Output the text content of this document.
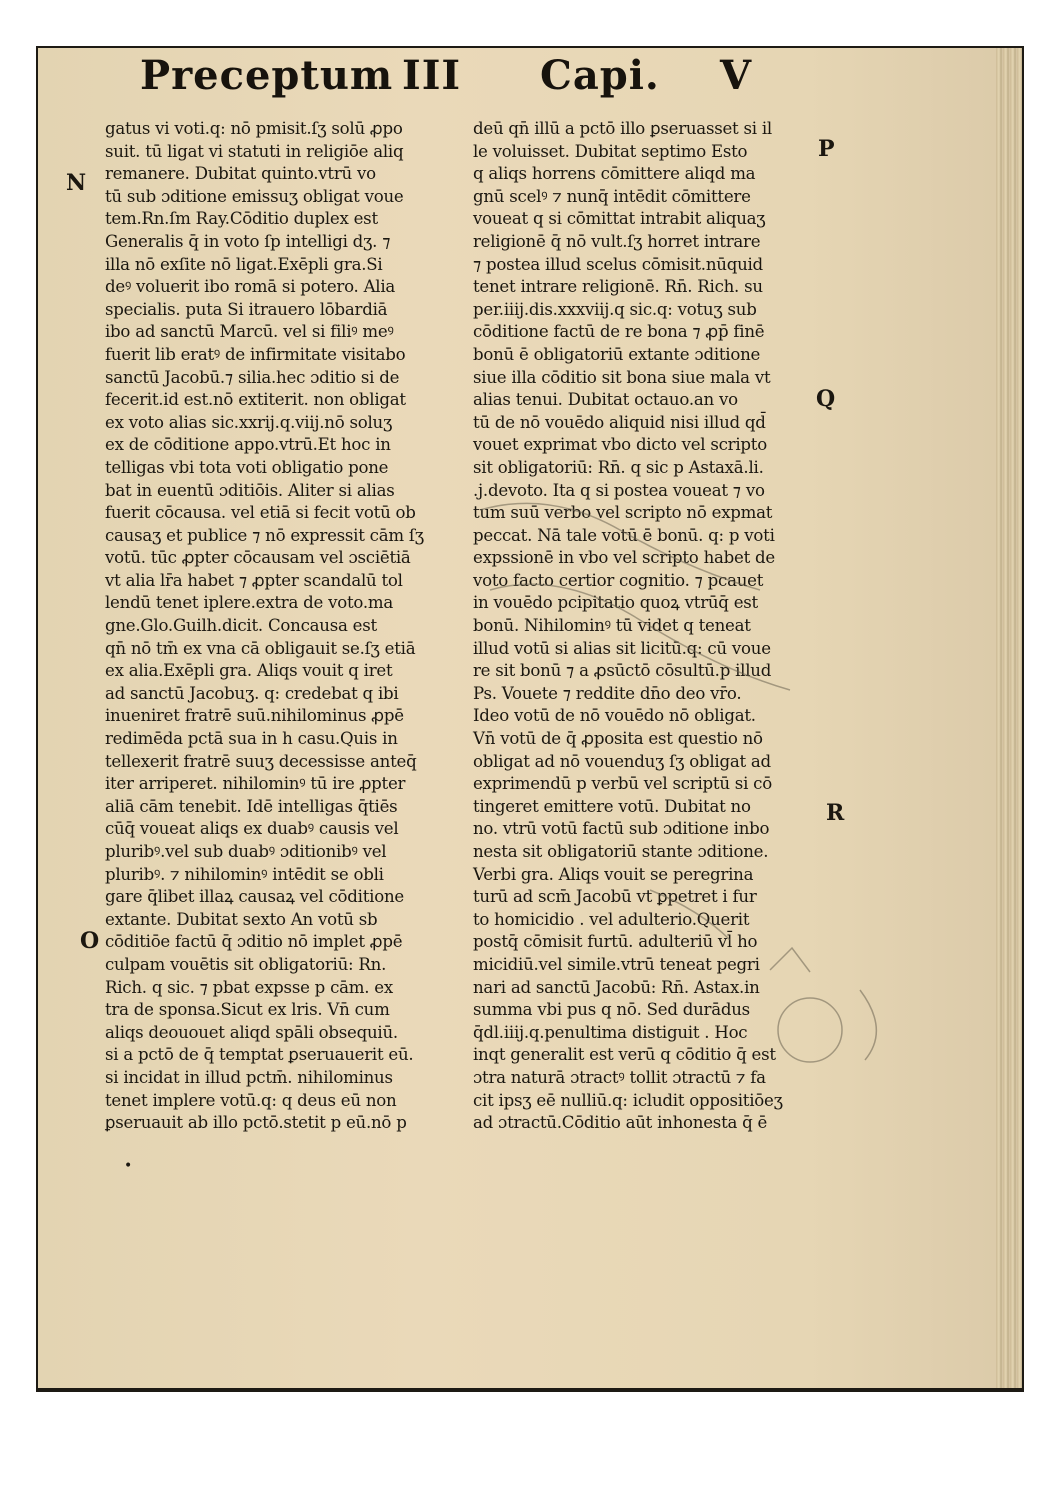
Preceptum III Capi. V
N
O
P
Q
R
gatus vi voti.q: nō pmisit.ſʒ solū ꝓpo
suit. tū ligat vi statuti in religiōe aliq
remanere. Dubitat quinto.vtrū vo
tū sub ɔditione emissuʒ obligat voue
tem.Rn.ſm Ray.Cōditio duplex est
Generalis q̄ in voto ſp intelligi dʒ. ⁊
illa nō exſite nō ligat.Exēpli gra.Si
deꝰ voluerit ibo romā si potero. Alia
specialis. puta Si itrauero lōbardiā
ibo ad sanctū Marcū. vel si filiꝰ meꝰ
fuerit lib eratꝰ de infirmitate visitabo
sanctū Jacobū.⁊ silia.hec ɔditio si de
fecerit.id est.nō extiterit. non obligat
ex voto alias sic.xxrij.q.viij.nō soluʒ
ex de cōditione appo.vtrū.Et hoc in
telligas vbi tota voti obligatio pone
bat in euentū ɔditiōis. Aliter si alias
fuerit cōcausa. vel etiā si fecit votū ob
causaʒ et publice ⁊ nō expressit cām ſʒ
votū. tūc ꝓpter cōcausam vel ɔsciētiā
vt alia lr̄a habet ⁊ ꝓpter scandalū tol
lendū tenet iplere.extra de voto.ma
gne.Glo.Guilh.dicit. Concausa est
qn̄ nō tm̄ ex vna cā obligauit se.ſʒ etiā
ex alia.Exēpli gra. Aliqs vouit q iret
ad sanctū Jacobuʒ. q: credebat q ibi
inueniret fratrē suū.nihilominus ꝓpē
redimēda pctā sua in h casu.Quis in
tellexerit fratrē suuʒ decessisse anteq̄
iter arriperet. nihilominꝰ tū ire ꝓpter
aliā cām tenebit. Idē intelligas q̄tiēs
cūq̄ voueat aliqs ex duabꝰ causis vel
pluribꝰ.vel sub duabꝰ ɔditionibꝰ vel
pluribꝰ. ⁊ nihilominꝰ intēdit se obli
gare q̄libet illaꝝ causaꝝ vel cōditione
extante. Dubitat sexto An votū sb
cōditiōe factū q̄ ɔditio nō implet ꝓpē
culpam vouētis sit obligatoriū: Rn.
Rich. q sic. ⁊ pbat expsse p cām. ex
tra de sponsa.Sicut ex lris. Vn̄ cum
aliqs deououet aliqd spāli obsequiū.
si a pctō de q̄ temptat ꝑseruauerit eū.
si incidat in illud pctm̄. nihilominus
tenet implere votū.q: q deus eū non
ꝑseruauit ab illo pctō.stetit p eū.nō p
deū qn̄ illū a pctō illo ꝑseruasset si il
le voluisset. Dubitat septimo Esto
q aliqs horrens cōmittere aliqd ma
gnū scelꝰ ⁊ nunq̄ intēdit cōmittere
voueat q si cōmittat intrabit aliquaʒ
religionē q̄ nō vult.ſʒ horret intrare
⁊ postea illud scelus cōmisit.nūquid
tenet intrare religionē. Rn̄. Rich. su
per.iiij.dis.xxxviij.q sic.q: votuʒ sub
cōditione factū de re bona ⁊ ꝓp̄ finē
bonū ē obligatoriū extante ɔditione
siue illa cōditio sit bona siue mala vt
alias tenui. Dubitat octauo.an vo
tū de nō vouēdo aliquid nisi illud qd̄
vouet exprimat vbo dicto vel scripto
sit obligatoriū: Rn̄. q sic p Astaxā.li.
.j.devoto. Ita q si postea voueat ⁊ vo
tum suū verbo vel scripto nō expmat
peccat. Nā tale votū ē bonū. q: p voti
expssionē in vbo vel scripto habet de
voto facto certior cognitio. ⁊ pcauet
in vouēdo pcipitatio quoꝝ vtrūq̄ est
bonū. Nihilominꝰ tū videt q teneat
illud votū si alias sit licitū.q: cū voue
re sit bonū ⁊ a ꝓsūctō cōsultū.p illud
Ps. Vouete ⁊ reddite dn̄o deo vr̄o.
Ideo votū de nō vouēdo nō obligat.
Vn̄ votū de q̄ ꝓposita est questio nō
obligat ad nō vouenduʒ ſʒ obligat ad
exprimendū p verbū vel scriptū si cō
tingeret emittere votū. Dubitat no
no. vtrū votū factū sub ɔditione inbo
nesta sit obligatoriū stante ɔditione.
Verbi gra. Aliqs vouit se peregrina
turū ad scm̄ Jacobū vt ꝑpetret i fur
to homicidio . vel adulterio.Querit
postq̄ cōmisit furtū. adulteriū vl̄ ho
micidiū.vel simile.vtrū teneat pegri
nari ad sanctū Jacobū: Rn̄. Astax.in
summa vbi pus q nō. Sed durādus
q̄dl.iiij.q.penultima distiguit . Hoc
inqt generalit est verū q cōditio q̄ est
ɔtra naturā ɔtractꝰ tollit ɔtractū ⁊ fa
cit ipsʒ eē nulliū.q: icludit oppositiōeʒ
ad ɔtractū.Cōditio aūt inhonesta q̄ ē
•
